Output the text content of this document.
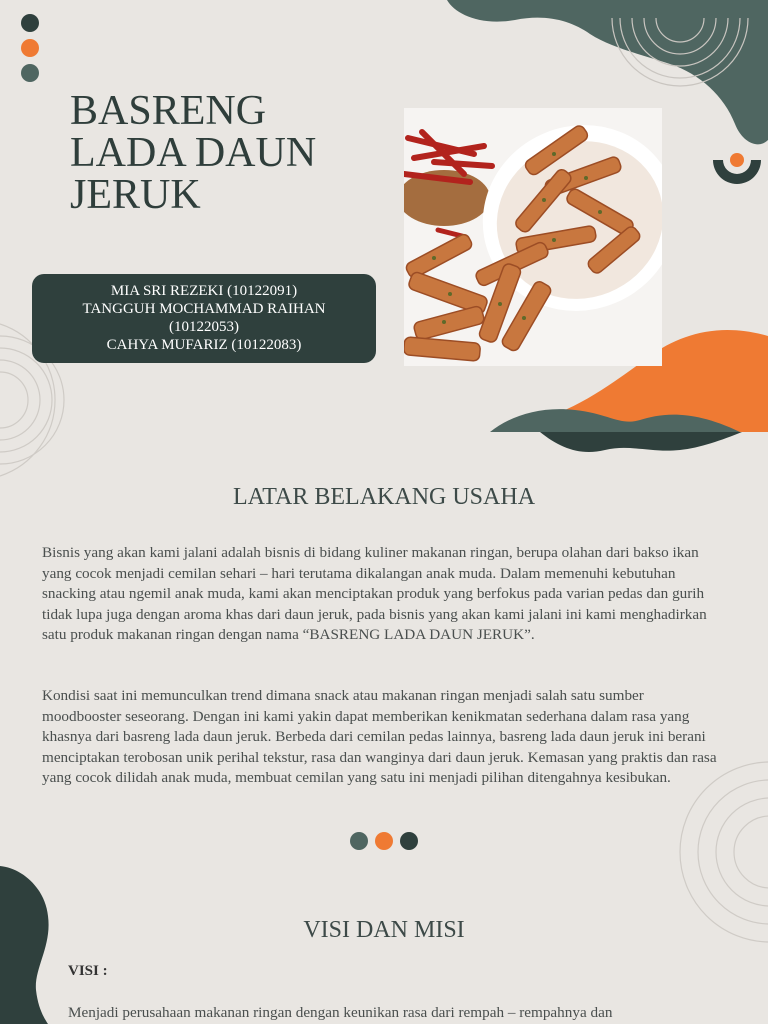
BASRENG
LADA DAUN
JERUK
MIA SRI REZEKI (10122091)
TANGGUH MOCHAMMAD RAIHAN
(10122053)
CAHYA MUFARIZ (10122083)
LATAR BELAKANG USAHA

Bisnis yang akan kami jalani adalah bisnis di bidang kuliner makanan ringan, berupa olahan dari bakso ikan yang cocok menjadi cemilan sehari – hari terutama dikalangan anak muda. Dalam memenuhi kebutuhan snacking atau ngemil anak muda, kami akan menciptakan produk yang berfokus pada varian pedas dan gurih tidak lupa juga dengan aroma khas dari daun jeruk, pada bisnis yang akan kami jalani ini kami menghadirkan satu produk makanan ringan dengan nama “BASRENG LADA DAUN JERUK”.

Kondisi saat ini memunculkan trend dimana snack atau makanan ringan menjadi salah satu sumber moodbooster seseorang. Dengan ini kami yakin dapat memberikan kenikmatan sederhana dalam rasa yang khasnya dari basreng lada daun jeruk. Berbeda dari cemilan pedas lainnya, basreng lada daun jeruk ini berani menciptakan terobosan unik perihal tekstur, rasa dan wanginya dari daun jeruk. Kemasan yang praktis dan rasa yang cocok dilidah anak muda, membuat cemilan yang satu ini menjadi pilihan ditengahnya kesibukan.

VISI DAN MISI
VISI :
Menjadi perusahaan makanan ringan dengan keunikan rasa dari rempah – rempahnya dan
